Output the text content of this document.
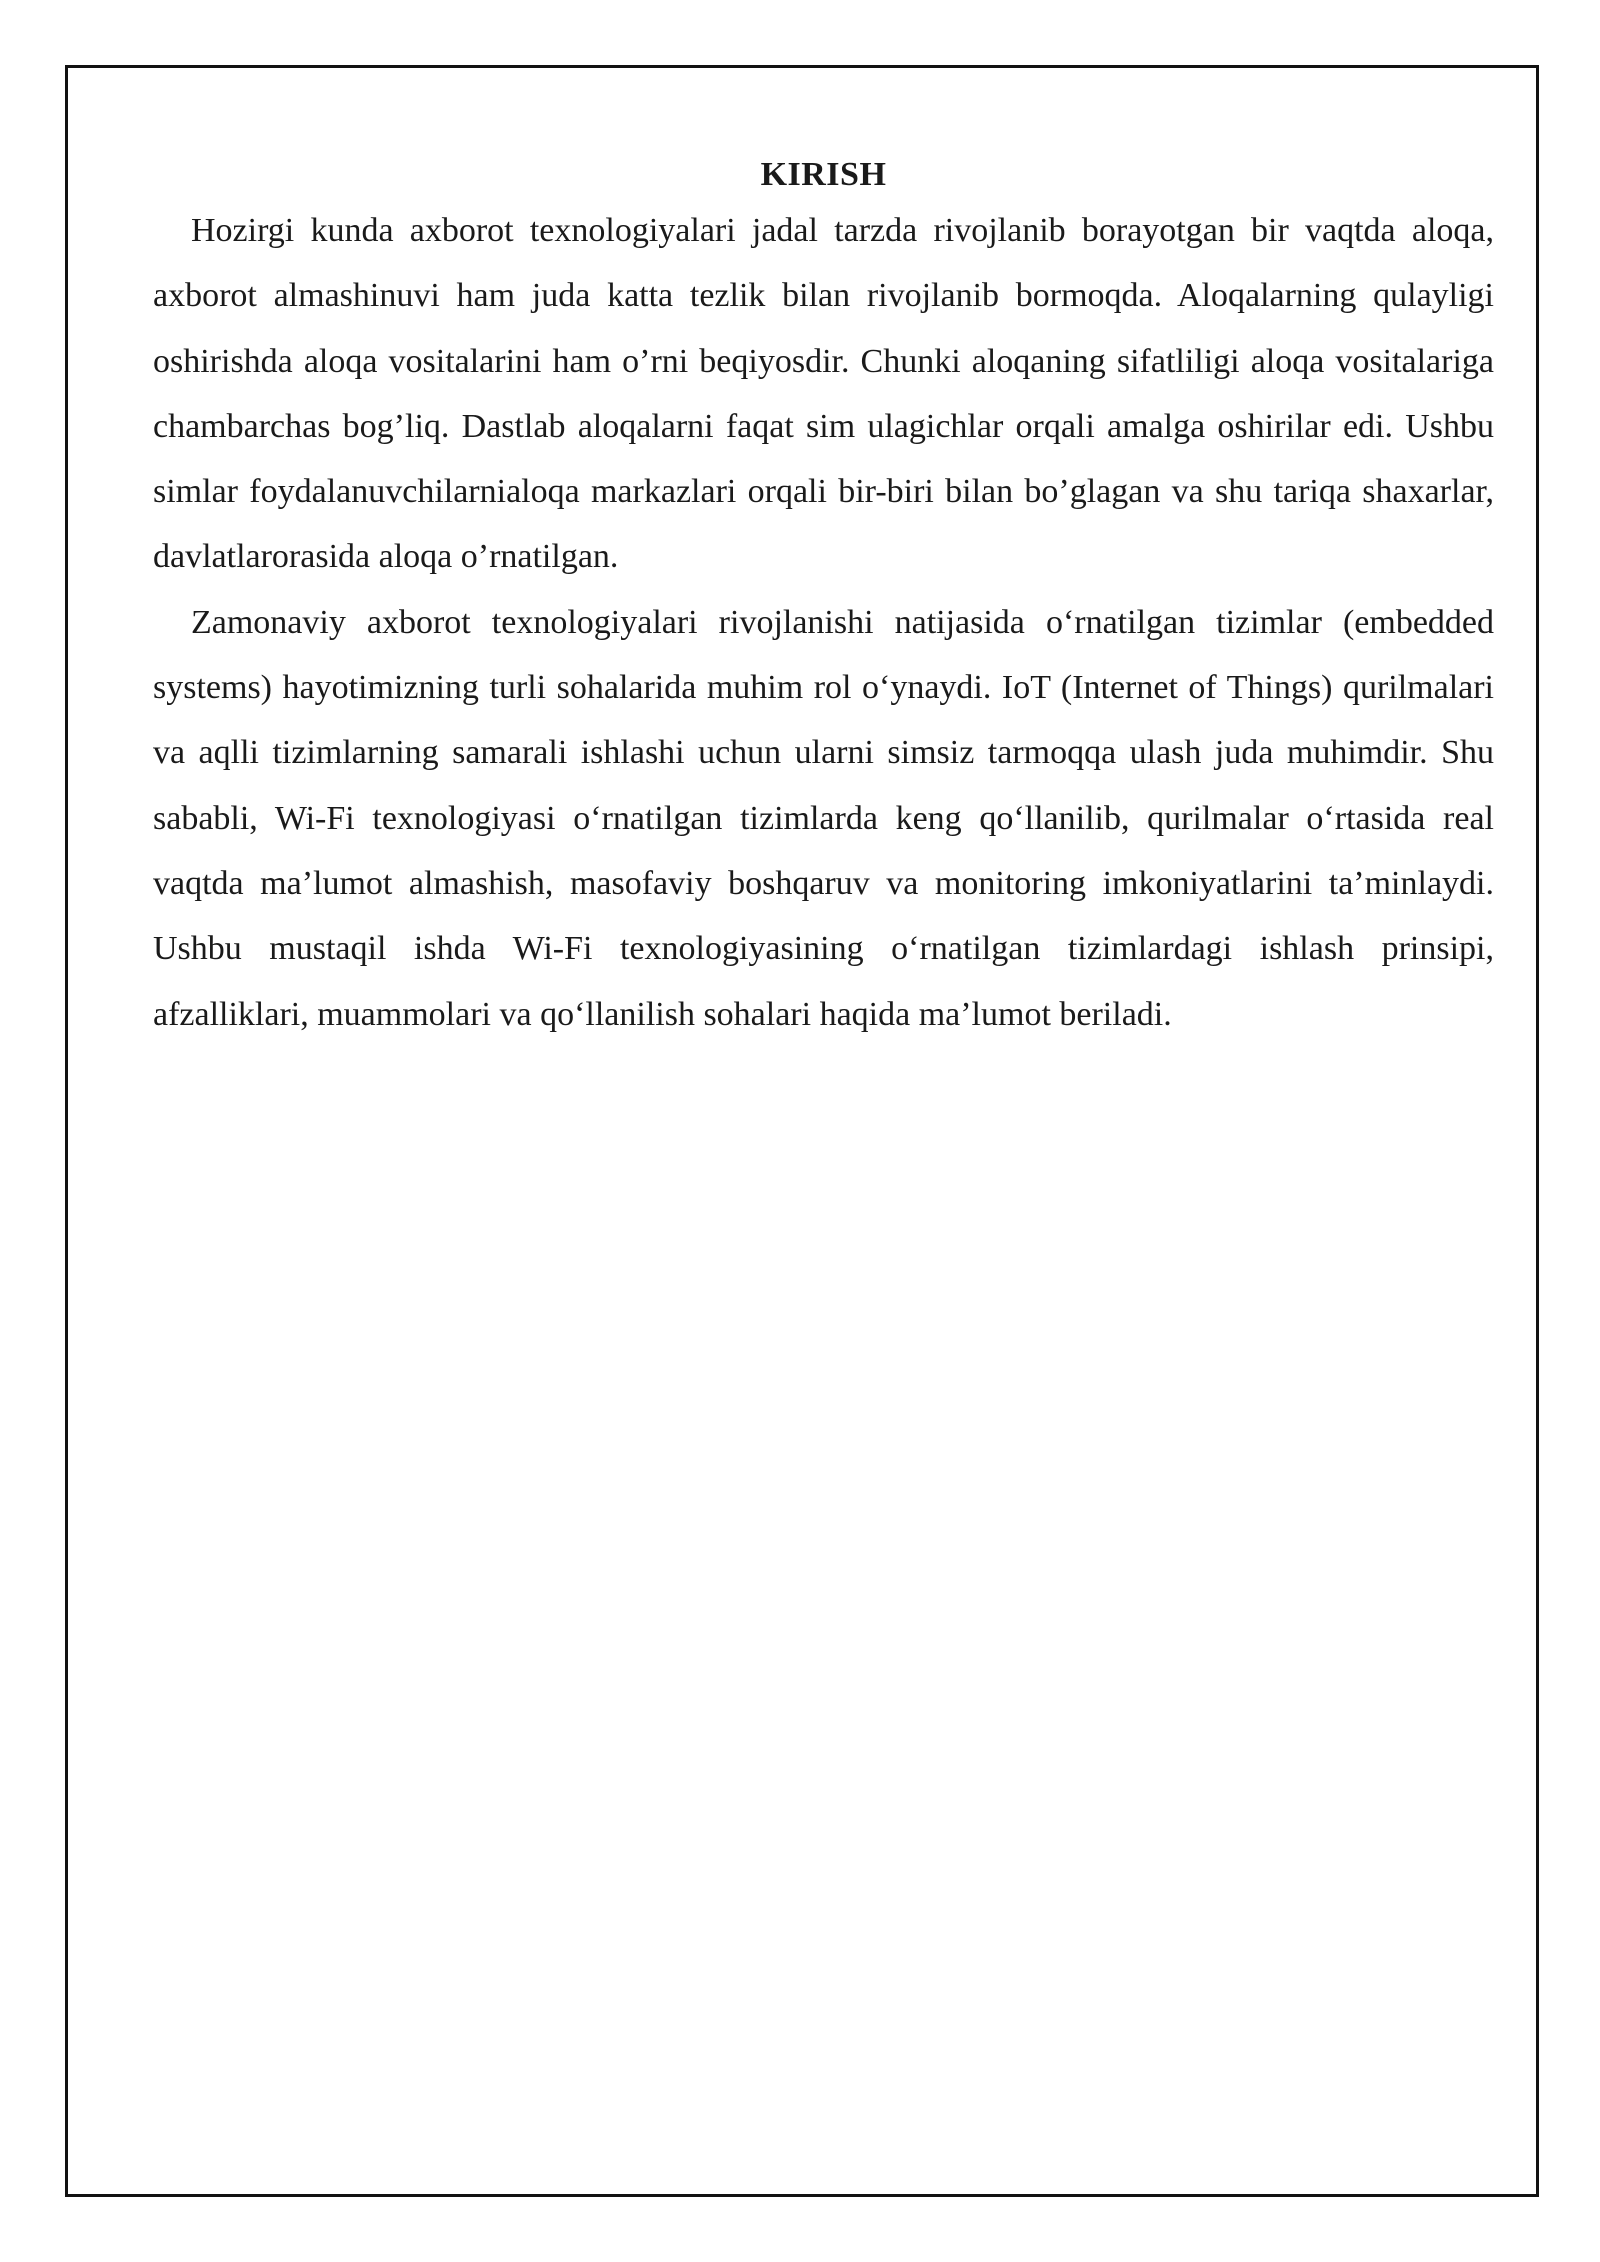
KIRISH

Hozirgi kunda axborot texnologiyalari jadal tarzda rivojlanib borayotgan bir vaqtda aloqa, axborot almashinuvi ham juda katta tezlik bilan rivojlanib bormoqda. Aloqalarning qulayligi oshirishda aloqa vositalarini ham o’rni beqiyosdir. Chunki aloqaning sifatliligi aloqa vositalariga chambarchas bog’liq. Dastlab aloqalarni faqat sim ulagichlar orqali amalga oshirilar edi. Ushbu simlar foydalanuvchilarnialoqa markazlari orqali bir-biri bilan bo’glagan va shu tariqa shaxarlar, davlatlarorasida aloqa o’rnatilgan.

Zamonaviy axborot texnologiyalari rivojlanishi natijasida o‘rnatilgan tizimlar (embedded systems) hayotimizning turli sohalarida muhim rol o‘ynaydi. IoT (Internet of Things) qurilmalari va aqlli tizimlarning samarali ishlashi uchun ularni simsiz tarmoqqa ulash juda muhimdir. Shu sababli, Wi-Fi texnologiyasi o‘rnatilgan tizimlarda keng qo‘llanilib, qurilmalar o‘rtasida real vaqtda ma’lumot almashish, masofaviy boshqaruv va monitoring imkoniyatlarini ta’minlaydi. Ushbu mustaqil ishda Wi-Fi texnologiyasining o‘rnatilgan tizimlardagi ishlash prinsipi, afzalliklari, muammolari va qo‘llanilish sohalari haqida ma’lumot beriladi.
